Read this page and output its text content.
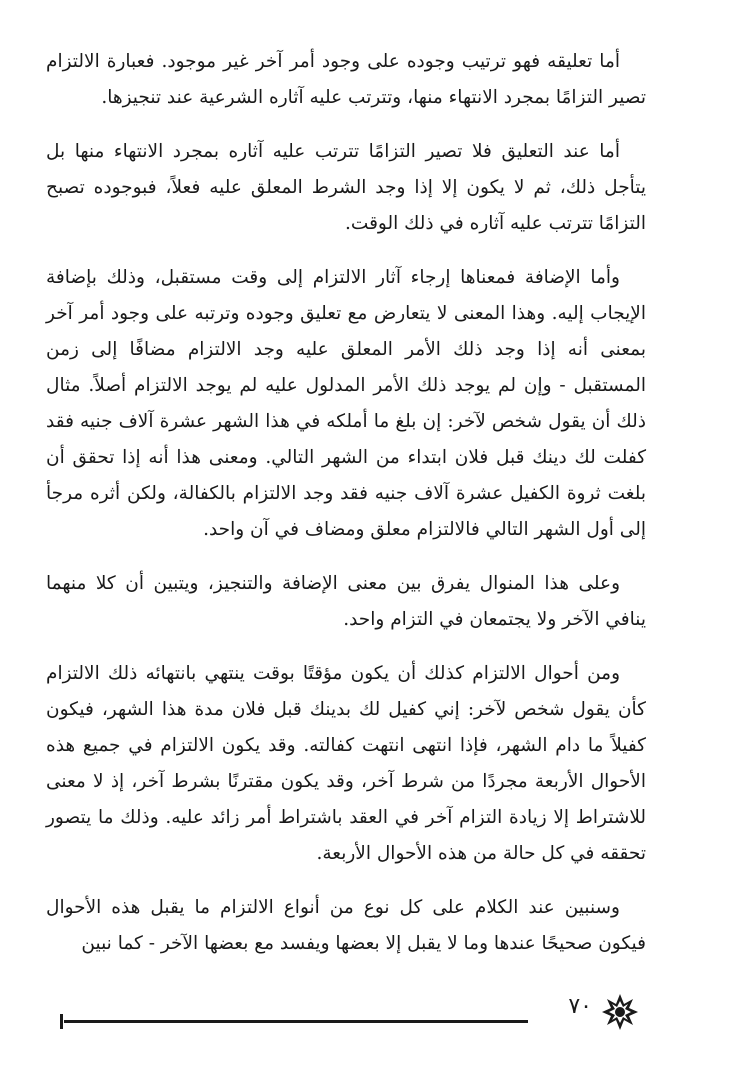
أما تعليقه فهو ترتيب وجوده على وجود أمر آخر غير موجود. فعبارة الالتزام تصير التزامًا بمجرد الانتهاء منها، وتترتب عليه آثاره الشرعية عند تنجيزها.

أما عند التعليق فلا تصير التزامًا تترتب عليه آثاره بمجرد الانتهاء منها بل يتأجل ذلك، ثم لا يكون إلا إذا وجد الشرط المعلق عليه فعلاً، فبوجوده تصبح التزامًا تترتب عليه آثاره في ذلك الوقت.

وأما الإضافة فمعناها إرجاء آثار الالتزام إلى وقت مستقبل، وذلك بإضافة الإيجاب إليه. وهذا المعنى لا يتعارض مع تعليق وجوده وترتبه على وجود أمر آخر بمعنى أنه إذا وجد ذلك الأمر المعلق عليه وجد الالتزام مضافًا إلى زمن المستقبل - وإن لم يوجد ذلك الأمر المدلول عليه لم يوجد الالتزام أصلاً. مثال ذلك أن يقول شخص لآخر: إن بلغ ما أملكه في هذا الشهر عشرة آلاف جنيه فقد كفلت لك دينك قبل فلان ابتداء من الشهر التالي. ومعنى هذا أنه إذا تحقق أن بلغت ثروة الكفيل عشرة آلاف جنيه فقد وجد الالتزام بالكفالة، ولكن أثره مرجأ إلى أول الشهر التالي فالالتزام معلق ومضاف في آن واحد.

وعلى هذا المنوال يفرق بين معنى الإضافة والتنجيز، ويتبين أن كلا منهما ينافي الآخر ولا يجتمعان في التزام واحد.

ومن أحوال الالتزام كذلك أن يكون مؤقتًا بوقت ينتهي بانتهائه ذلك الالتزام كأن يقول شخص لآخر: إني كفيل لك بدينك قبل فلان مدة هذا الشهر، فيكون كفيلاً ما دام الشهر، فإذا انتهى انتهت كفالته. وقد يكون الالتزام في جميع هذه الأحوال الأربعة مجردًا من شرط آخر، وقد يكون مقترنًا بشرط آخر، إذ لا معنى للاشتراط إلا زيادة التزام آخر في العقد باشتراط أمر زائد عليه. وذلك ما يتصور تحققه في كل حالة من هذه الأحوال الأربعة.

وسنبين عند الكلام على كل نوع من أنواع الالتزام ما يقبل هذه الأحوال فيكون صحيحًا عندها وما لا يقبل إلا بعضها ويفسد مع بعضها الآخر - كما نبين

٧٠
